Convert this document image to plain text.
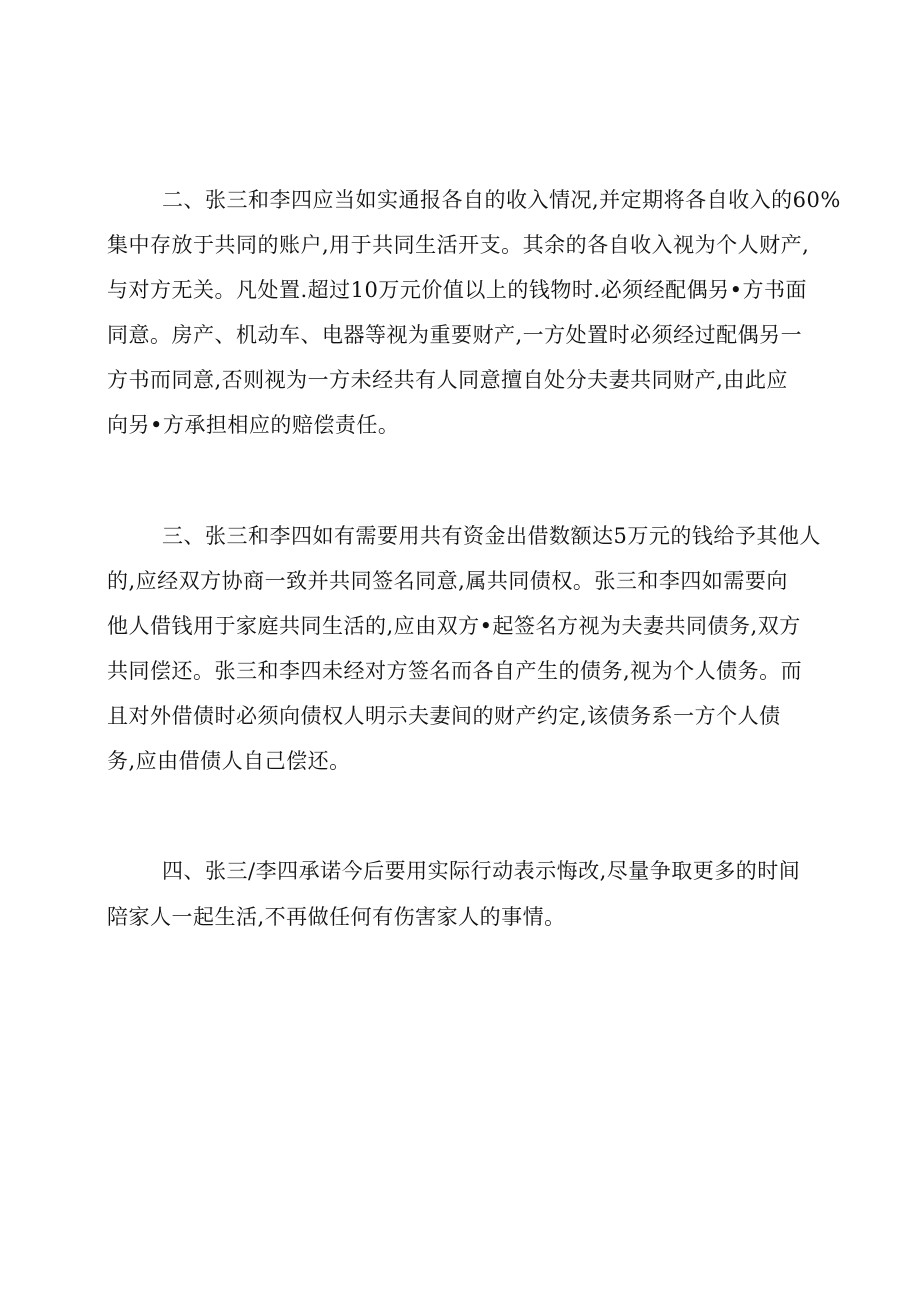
二、张三和李四应当如实通报各自的收入情况,并定期将各自收入的60%
集中存放于共同的账户,用于共同生活开支。其余的各自收入视为个人财产,
与对方无关。凡处置.超过10万元价值以上的钱物时.必须经配偶另•方书面
同意。房产、机动车、电器等视为重要财产,一方处置时必须经过配偶另一
方书而同意,否则视为一方未经共有人同意擅自处分夫妻共同财产,由此应
向另•方承担相应的赔偿责任。
三、张三和李四如有需要用共有资金出借数额达5万元的钱给予其他人
的,应经双方协商一致并共同签名同意,属共同债权。张三和李四如需要向
他人借钱用于家庭共同生活的,应由双方•起签名方视为夫妻共同债务,双方
共同偿还。张三和李四未经对方签名而各自产生的债务,视为个人债务。而
且对外借债时必须向债权人明示夫妻间的财产约定,该债务系一方个人债
务,应由借债人自己偿还。
四、张三/李四承诺今后要用实际行动表示悔改,尽量争取更多的时间
陪家人一起生活,不再做任何有伤害家人的事情。
